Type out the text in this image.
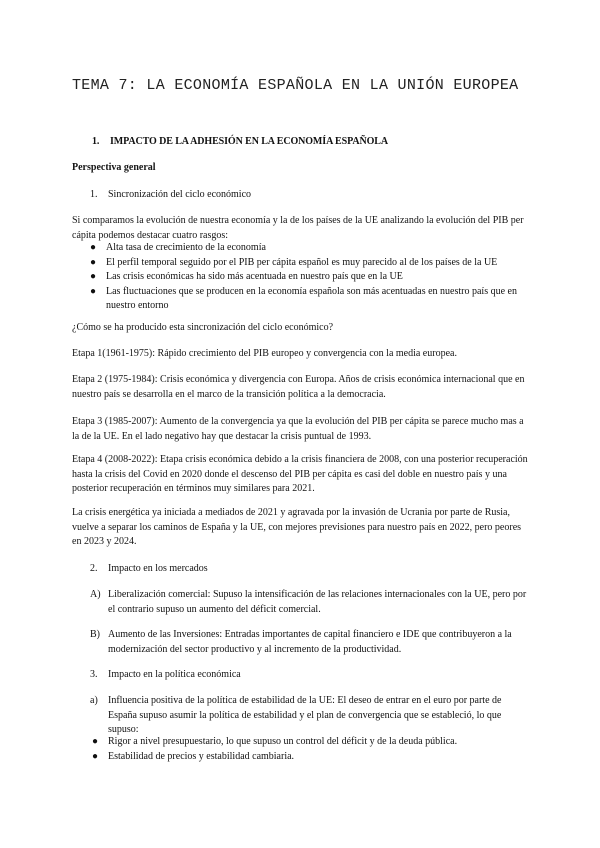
TEMA 7: LA ECONOMÍA ESPAÑOLA EN LA UNIÓN EUROPEA
1. IMPACTO DE LA ADHESIÓN EN LA ECONOMÍA ESPAÑOLA
Perspectiva general
1. Sincronización del ciclo económico
Si comparamos la evolución de nuestra economía y la de los países de la UE analizando la evolución del PIB per cápita podemos destacar cuatro rasgos:
● Alta tasa de crecimiento de la economía
● El perfil temporal seguido por el PIB per cápita español es muy parecido al de los países de la UE
● Las crisis económicas ha sido más acentuada en nuestro país que en la UE
● Las fluctuaciones que se producen en la economía española son más acentuadas en nuestro país que en nuestro entorno
¿Cómo se ha producido esta sincronización del ciclo económico?
Etapa 1(1961-1975): Rápido crecimiento del PIB europeo y convergencia con la media europea.
Etapa 2 (1975-1984): Crisis económica y divergencia con Europa. Años de crisis económica internacional que en nuestro país se desarrolla en el marco de la transición política a la democracia.
Etapa 3 (1985-2007): Aumento de la convergencia ya que la evolución del PIB per cápita se parece mucho mas a la de la UE. En el lado negativo hay que destacar la crisis puntual de 1993.
Etapa 4 (2008-2022): Etapa crisis económica debido a la crisis financiera de 2008, con una posterior recuperación hasta la crisis del Covid en 2020 donde el descenso del PIB per cápita es casi del doble en nuestro país y una posterior recuperación en términos muy similares para 2021.
La crisis energética ya iniciada a mediados de 2021 y agravada por la invasión de Ucrania por parte de Rusia, vuelve a separar los caminos de España y la UE, con mejores previsiones para nuestro país en 2022, pero peores en 2023 y 2024.
2. Impacto en los mercados
A) Liberalización comercial: Supuso la intensificación de las relaciones internacionales con la UE, pero por el contrario supuso un aumento del déficit comercial.
B) Aumento de las Inversiones: Entradas importantes de capital financiero e IDE que contribuyeron a la modernización del sector productivo y al incremento de la productividad.
3. Impacto en la política económica
a)	Influencia positiva de la política de estabilidad de la UE: El deseo de entrar en el euro por parte de España supuso asumir la política de estabilidad y el plan de convergencia que se estableció, lo que supuso:
● Rigor a nivel presupuestario, lo que supuso un control del déficit y de la deuda pública.
● Estabilidad de precios y estabilidad cambiaria.
